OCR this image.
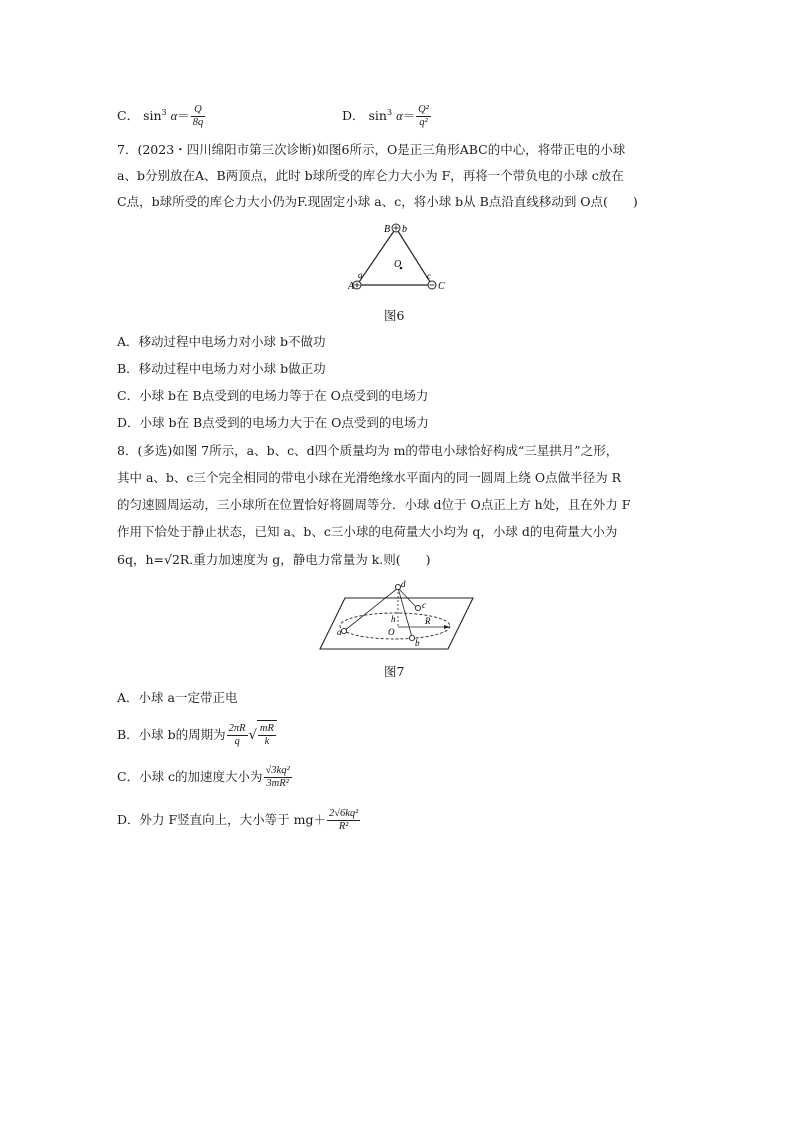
C． $\sin^3 \alpha= \frac{Q}{8q}$	D． $\sin^3 \alpha= \frac{\text{Q²}}{\text{q²}}$
7．(2023・四川绵阳市第三次诊断)如图6所示，O是正三角形ABC的中心，将带正电的小球
a、b分别放在A、B两顶点，此时 b球所受的库仑力大小为 F，再将一个带负电的小球 c放在
C点，b球所受的库仑力大小仍为F.现固定小球 a、c，将小球 b从 B点沿直线移动到 O点(　　)
B b
O
a
A
c
C
图6
A．移动过程中电场力对小球 b不做功
B．移动过程中电场力对小球 b做正功
C．小球 b在 B点受到的电场力等于在 O点受到的电场力
D．小球 b在 B点受到的电场力大于在 O点受到的电场力
8．(多选)如图 7所示，a、b、c、d四个质量均为 m的带电小球恰好构成“三星拱月”之形，
其中 a、b、c三个完全相同的带电小球在光滑绝缘水平面内的同一圆周上绕 O点做半径为 R
的匀速圆周运动，三小球所在位置恰好将圆周等分．小球 d位于 O点正上方 h处，且在外力 F
作用下恰处于静止状态，已知 a、b、c三小球的电荷量大小均为 q，小球 d的电荷量大小为
6q，h=√2R.重力加速度为 g，静电力常量为 k.则(　　)
d
c
a
h
O
R
b
图7
A．小球 a一定带正电
B．小球 b的周期为 $\frac{2\pi R}{q}$ √ $\frac{mR}{k}$
C．小球 c的加速度大小为 $\frac{\text{√3kq²}}{\text{3mR²}}$
D．外力 F竖直向上，大小等于 $mg+ \frac{\text{2√6kq²}}{\text{R²}}$
